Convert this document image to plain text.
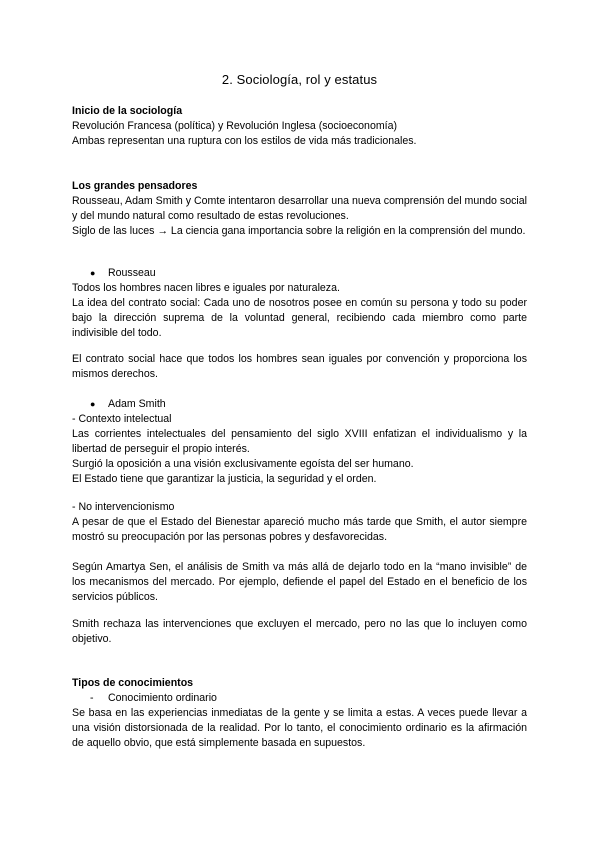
2. Sociología, rol y estatus

Inicio de la sociología

Revolución Francesa (política) y Revolución Inglesa (socioeconomía)

Ambas representan una ruptura con los estilos de vida más tradicionales.

Los grandes pensadores

Rousseau, Adam Smith y Comte intentaron desarrollar una nueva comprensión del mundo social y del mundo natural como resultado de estas revoluciones.

Siglo de las luces → La ciencia gana importancia sobre la religión en la comprensión del mundo.

●	Rousseau

Todos los hombres nacen libres e iguales por naturaleza.

La idea del contrato social: Cada uno de nosotros posee en común su persona y todo su poder bajo la dirección suprema de la voluntad general, recibiendo cada miembro como parte indivisible del todo.

El contrato social hace que todos los hombres sean iguales por convención y proporciona los mismos derechos.

●	Adam Smith

- Contexto intelectual

Las corrientes intelectuales del pensamiento del siglo XVIII enfatizan el individualismo y la libertad de perseguir el propio interés.

Surgió la oposición a una visión exclusivamente egoísta del ser humano.

El Estado tiene que garantizar la justicia, la seguridad y el orden.

- No intervencionismo

A pesar de que el Estado del Bienestar apareció mucho más tarde que Smith, el autor siempre mostró su preocupación por las personas pobres y desfavorecidas.

Según Amartya Sen, el análisis de Smith va más allá de dejarlo todo en la “mano invisible” de los mecanismos del mercado. Por ejemplo, defiende el papel del Estado en el beneficio de los servicios públicos.
Smith rechaza las intervenciones que excluyen el mercado, pero no las que lo incluyen como objetivo.

Tipos de conocimientos

-	Conocimiento ordinario

Se basa en las experiencias inmediatas de la gente y se limita a estas. A veces puede llevar a una visión distorsionada de la realidad. Por lo tanto, el conocimiento ordinario es la afirmación de aquello obvio, que está simplemente basada en supuestos.
